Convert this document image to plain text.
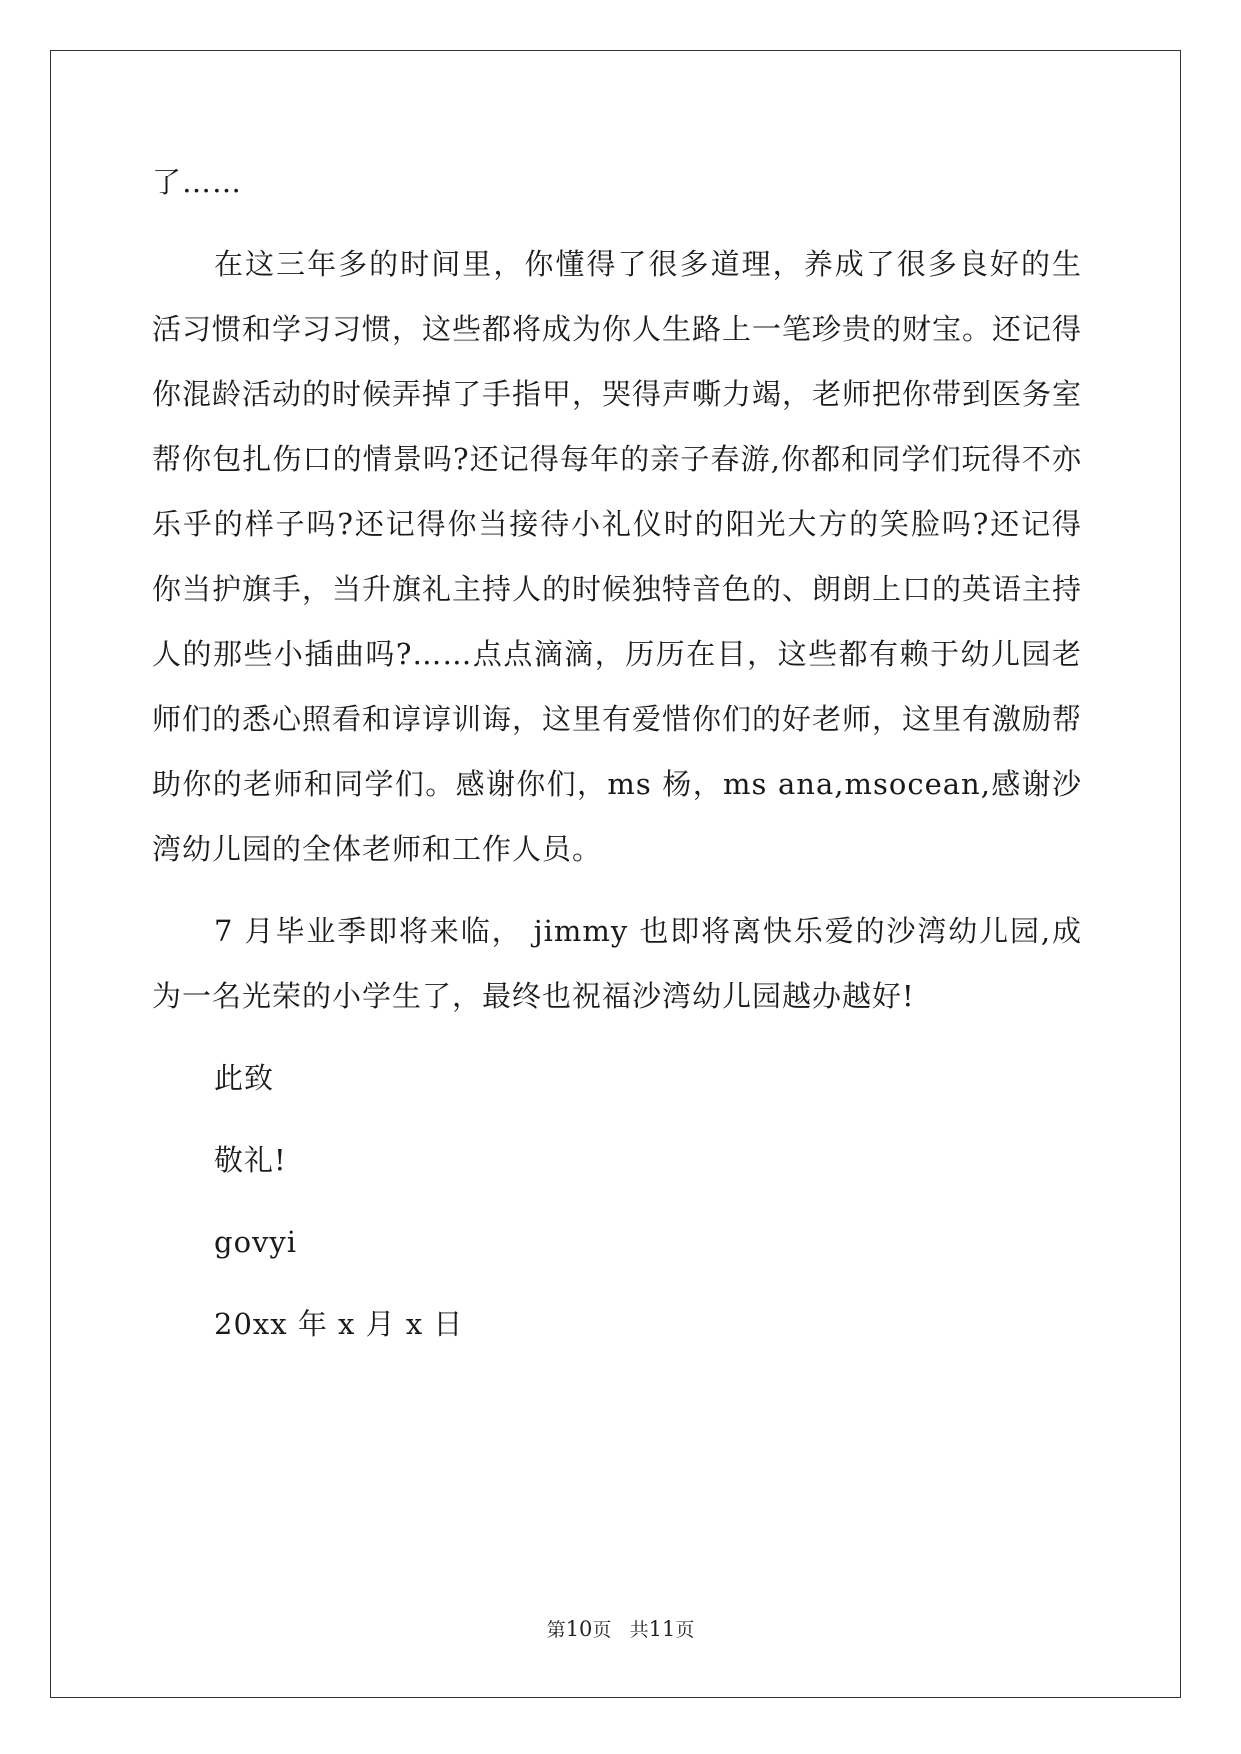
了……

在这三年多的时间里，你懂得了很多道理，养成了很多良好的生活习惯和学习习惯，这些都将成为你人生路上一笔珍贵的财宝。还记得你混龄活动的时候弄掉了手指甲，哭得声嘶力竭，老师把你带到医务室帮你包扎伤口的情景吗?还记得每年的亲子春游,你都和同学们玩得不亦乐乎的样子吗?还记得你当接待小礼仪时的阳光大方的笑脸吗?还记得你当护旗手，当升旗礼主持人的时候独特音色的、朗朗上口的英语主持人的那些小插曲吗?……点点滴滴，历历在目，这些都有赖于幼儿园老师们的悉心照看和谆谆训诲，这里有爱惜你们的好老师，这里有激励帮助你的老师和同学们。感谢你们，ms 杨，ms ana,msocean,感谢沙湾幼儿园的全体老师和工作人员。

7 月毕业季即将来临， jimmy 也即将离快乐爱的沙湾幼儿园,成为一名光荣的小学生了，最终也祝福沙湾幼儿园越办越好!

此致

敬礼!

govyi

20xx 年 x 月 x 日

第10页 共11页
